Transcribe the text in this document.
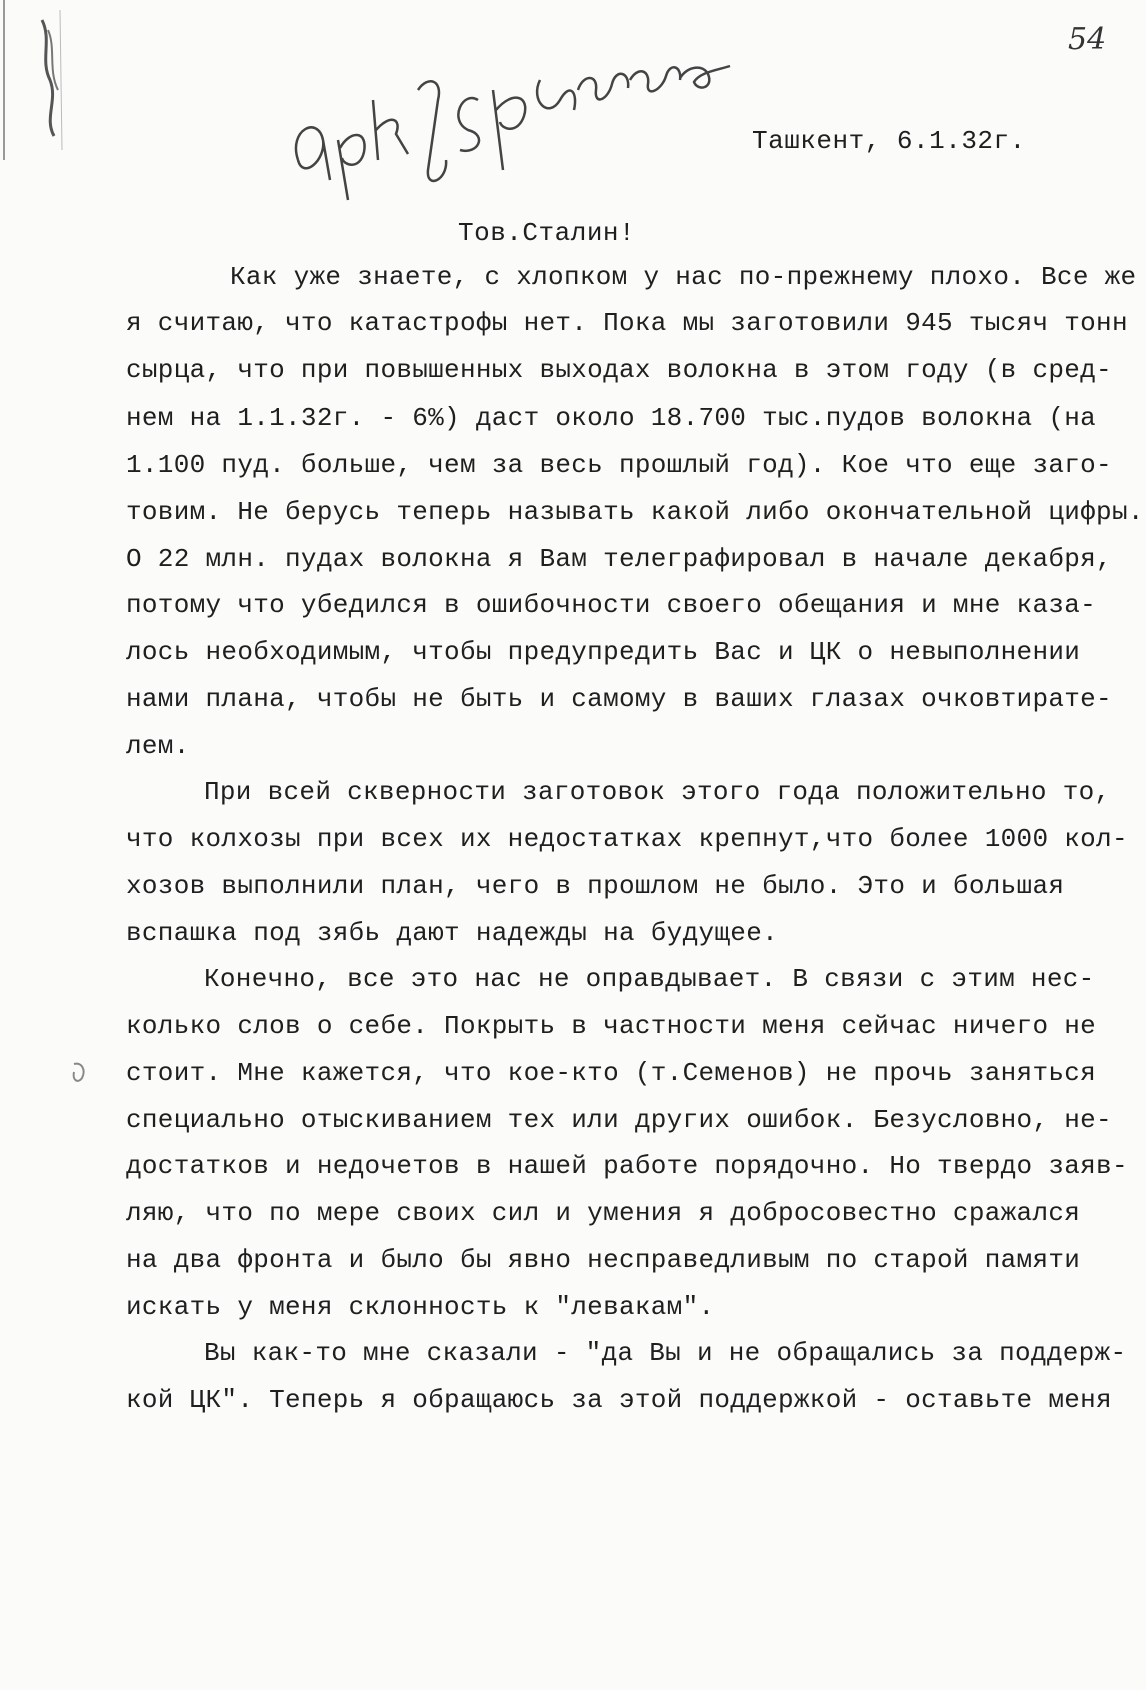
54
Ташкент, 6.1.32г.
Тов.Сталин!
Как уже знаете, с хлопком у нас по-прежнему плохо. Все же
я считаю, что катастрофы нет. Пока мы заготовили 945 тысяч тонн
сырца, что при повышенных выходах волокна в этом году (в сред-
нем на 1.1.32г. - 6%) даст около 18.700 тыс.пудов волокна (на
1.100 пуд. больше, чем за весь прошлый год). Кое что еще заго-
товим. Не берусь теперь называть какой либо окончательной цифры.
О 22 млн. пудах волокна я Вам телеграфировал в начале декабря,
потому что убедился в ошибочности своего обещания и мне каза-
лось необходимым, чтобы предупредить Вас и ЦК о невыполнении
нами плана, чтобы не быть и самому в ваших глазах очковтирате-
лем.
При всей скверности заготовок этого года положительно то,
что колхозы при всех их недостатках крепнут,что более 1000 кол-
хозов выполнили план, чего в прошлом не было. Это и большая
вспашка под зябь дают надежды на будущее.
Конечно, все это нас не оправдывает. В связи с этим нес-
колько слов о себе. Покрыть в частности меня сейчас ничего не
стоит. Мне кажется, что кое-кто (т.Семенов) не прочь заняться
специально отыскиванием тех или других ошибок. Безусловно, не-
достатков и недочетов в нашей работе порядочно. Но твердо заяв-
ляю, что по мере своих сил и умения я добросовестно сражался
на два фронта и было бы явно несправедливым по старой памяти
искать у меня склонность к "левакам".
Вы как-то мне сказали - "да Вы и не обращались за поддерж-
кой ЦК". Теперь я обращаюсь за этой поддержкой - оставьте меня
